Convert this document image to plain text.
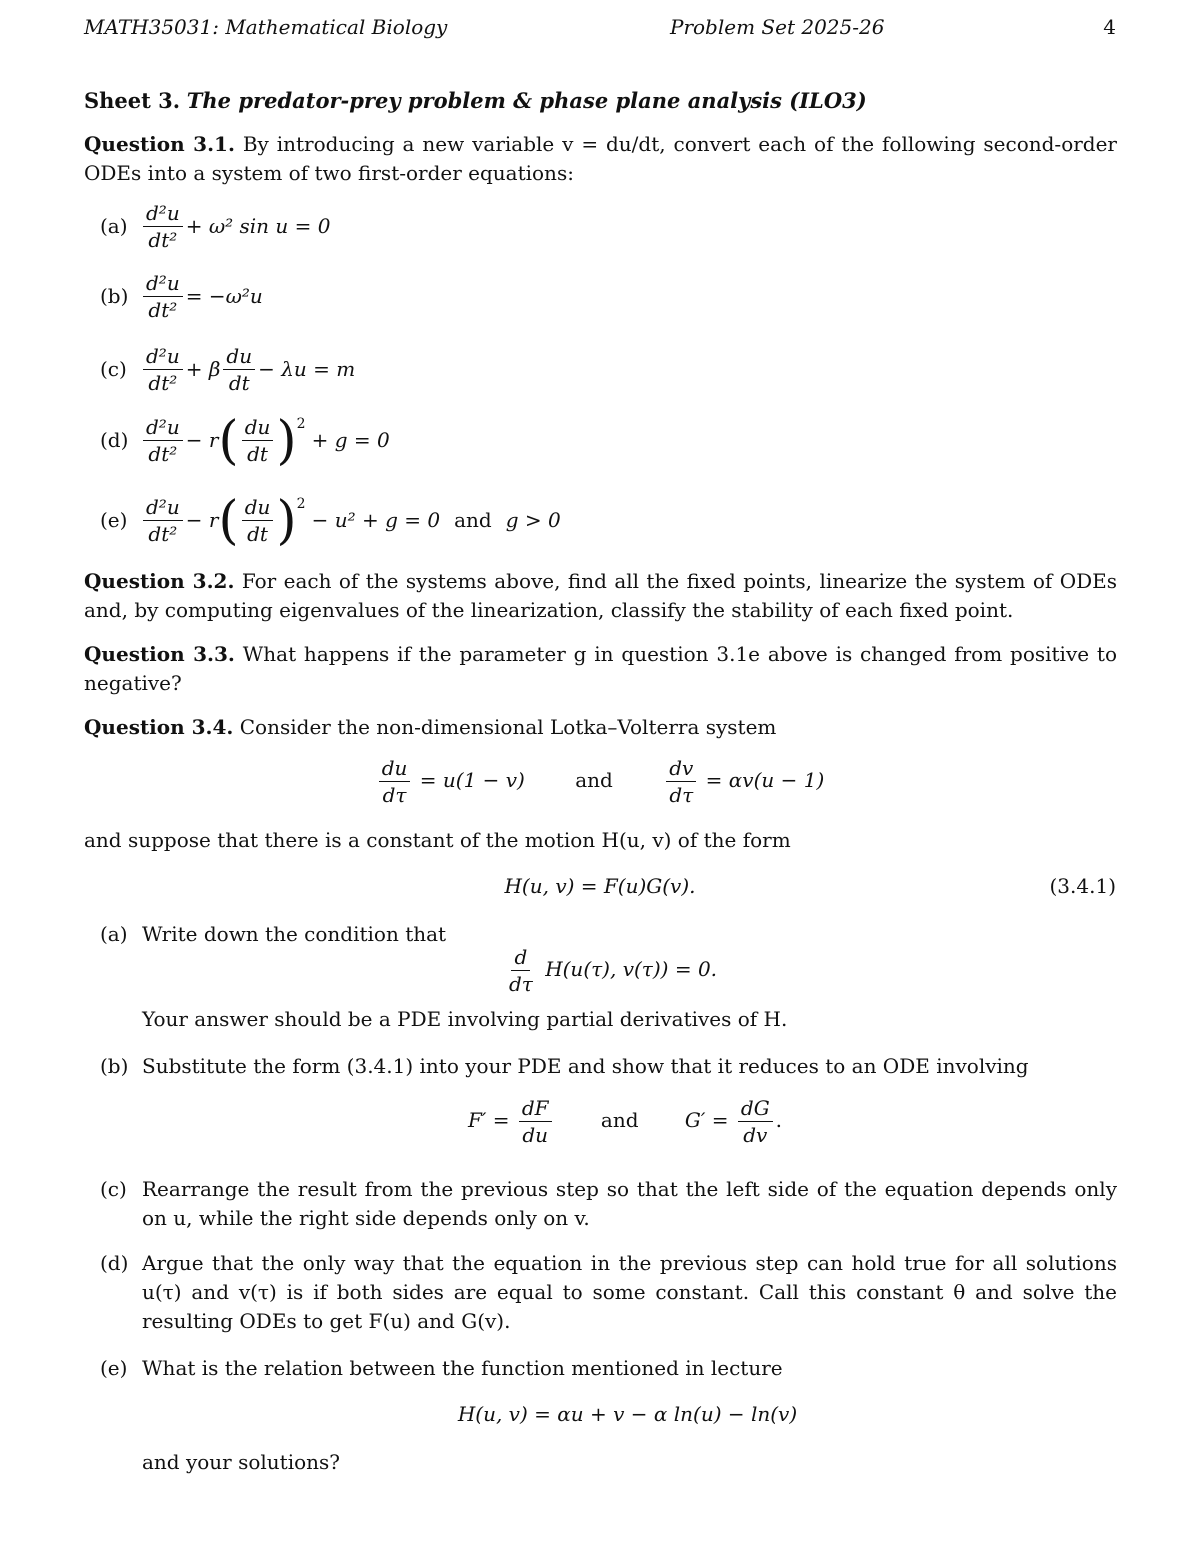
MATH35031: Mathematical Biology	Problem Set 2025-26	4
Sheet 3. The predator-prey problem & phase plane analysis (ILO3)
Question 3.1. By introducing a new variable v = du/dt, convert each of the following second-order ODEs into a system of two first-order equations:
$(a) \frac{\text{d²u}}{\text{dt²}} + \omega^2$ sin u = 0
$(b) \frac{\text{d²u}}{\text{dt²}} = -\omega^2u$
$(c) \frac{\text{d²u}}{\text{dt²}} + \beta \frac{du}{dt} - \lambda u = m$
$(d) \frac{\text{d²u}}{\text{dt²}} - r$ ( $\frac{du}{dt}$ ) 2
+ g = 0
$(e) \frac{\text{d²u}}{\text{dt²}} - r$ ( $\frac{du}{dt}$ ) 2
− u² + g = 0 and g > 0
Question 3.2. For each of the systems above, find all the fixed points, linearize the system of ODEs and, by computing eigenvalues of the linearization, classify the stability of each fixed point.
Question 3.3. What happens if the parameter g in question 3.1e above is changed from positive to negative?
Question 3.4. Consider the non-dimensional Lotka–Volterra system
$\frac{du}{d\tau} = u(1 - v)$	and	$\frac{dv}{d\tau} = \alpha v(u - 1)$
and suppose that there is a constant of the motion H(u, v) of the form
H(u, v) = F(u)G(v).	(3.4.1)
(a) Write down the condition that
$\frac{d}{d\tau} H(u(\tau)$, v(τ)) = 0.
Your answer should be a PDE involving partial derivatives of H.
(b) Substitute the form (3.4.1) into your PDE and show that it reduces to an ODE involving
$F' = \frac{dF}{du}$ and $G' = \frac{dG}{dv}$ .
(c) Rearrange the result from the previous step so that the left side of the equation depends only on u, while the right side depends only on v.
(d) Argue that the only way that the equation in the previous step can hold true for all solutions u(τ) and v(τ) is if both sides are equal to some constant. Call this constant θ and solve the resulting ODEs to get F(u) and G(v).
(e) What is the relation between the function mentioned in lecture
H(u, v) = αu + v − α ln(u) − ln(v)
and your solutions?
